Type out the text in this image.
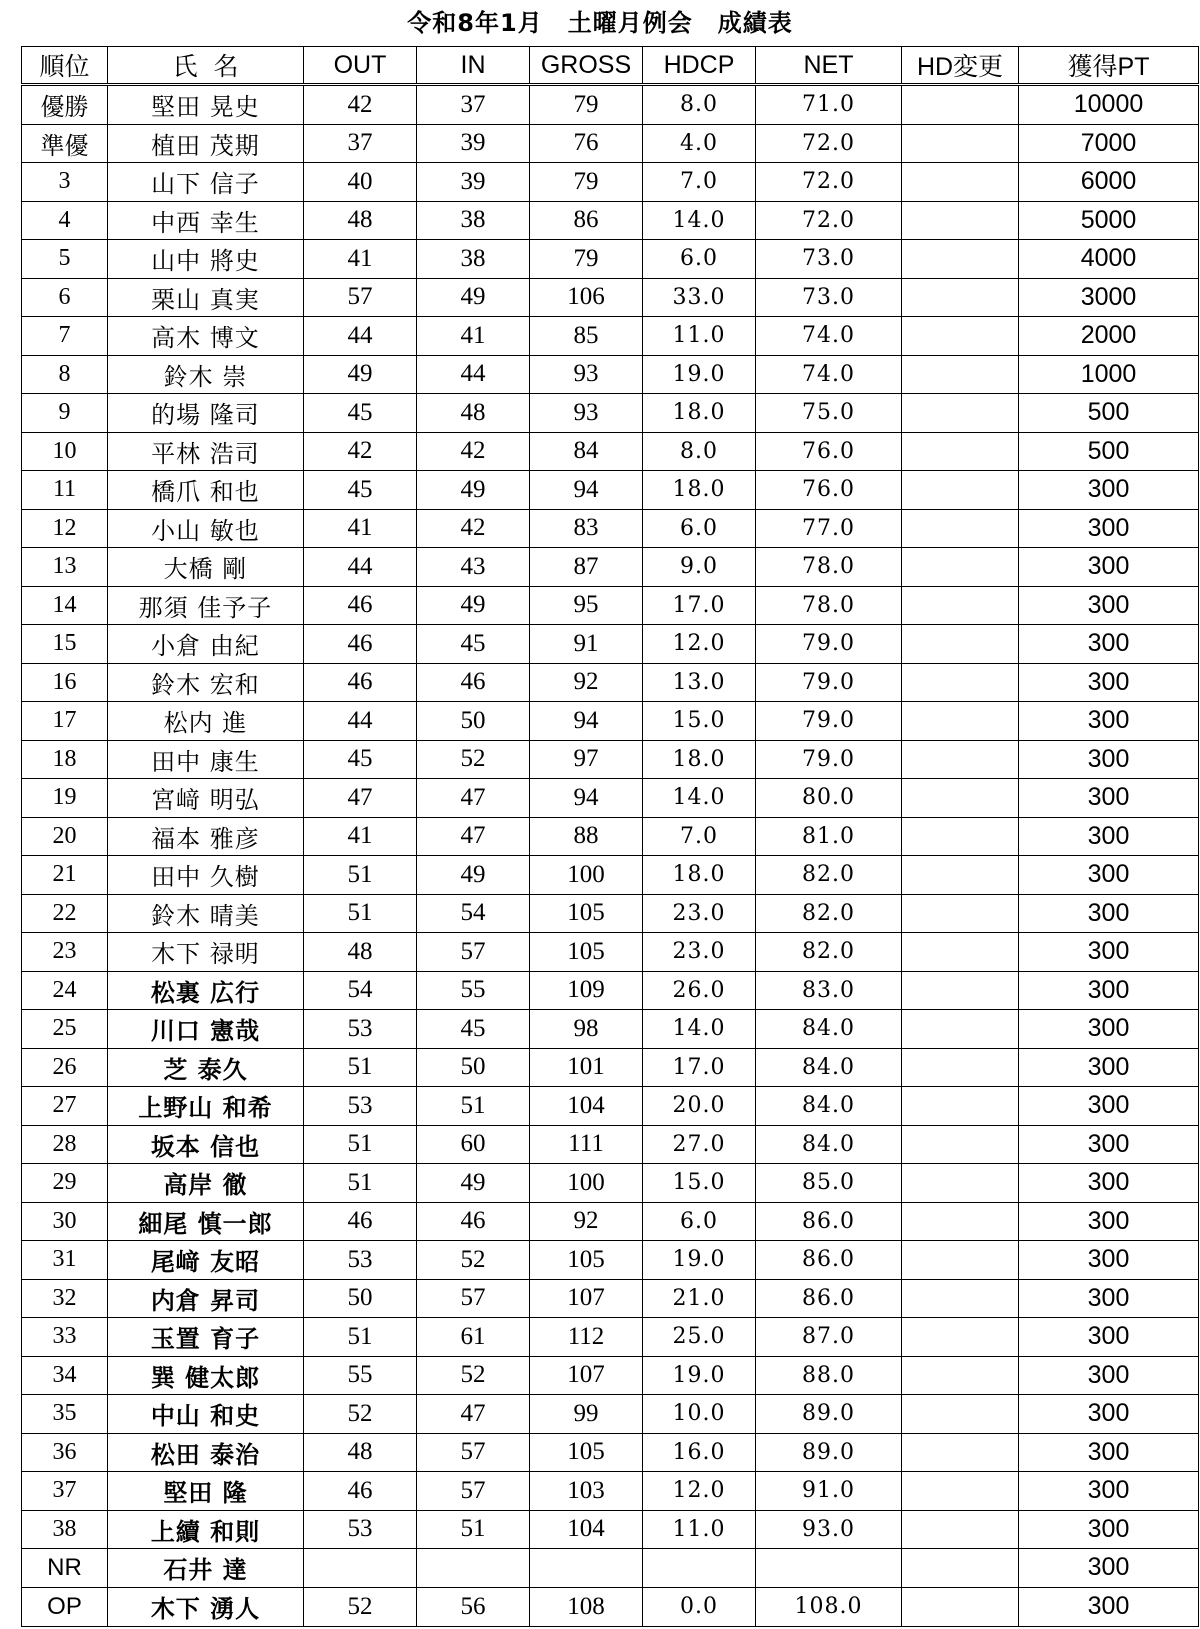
令和8年1月　土曜月例会　成績表
順位	氏名	OUT	IN	GROSS	HDCP	NET	HD変更	獲得PT
優勝	堅田 晃史	42	37	79	8.0	71.0		10000
準優	植田 茂期	37	39	76	4.0	72.0		7000
3	山下 信子	40	39	79	7.0	72.0		6000
4	中西 幸生	48	38	86	14.0	72.0		5000
5	山中 將史	41	38	79	6.0	73.0		4000
6	栗山 真実	57	49	106	33.0	73.0		3000
7	高木 博文	44	41	85	11.0	74.0		2000
8	鈴木 崇	49	44	93	19.0	74.0		1000
9	的場 隆司	45	48	93	18.0	75.0		500
10	平林 浩司	42	42	84	8.0	76.0		500
11	橋爪 和也	45	49	94	18.0	76.0		300
12	小山 敏也	41	42	83	6.0	77.0		300
13	大橋 剛	44	43	87	9.0	78.0		300
14	那須 佳予子	46	49	95	17.0	78.0		300
15	小倉 由紀	46	45	91	12.0	79.0		300
16	鈴木 宏和	46	46	92	13.0	79.0		300
17	松内 進	44	50	94	15.0	79.0		300
18	田中 康生	45	52	97	18.0	79.0		300
19	宮﨑 明弘	47	47	94	14.0	80.0		300
20	福本 雅彦	41	47	88	7.0	81.0		300
21	田中 久樹	51	49	100	18.0	82.0		300
22	鈴木 晴美	51	54	105	23.0	82.0		300
23	木下 禄明	48	57	105	23.0	82.0		300
24	松裏 広行	54	55	109	26.0	83.0		300
25	川口 憲哉	53	45	98	14.0	84.0		300
26	芝 泰久	51	50	101	17.0	84.0		300
27	上野山 和希	53	51	104	20.0	84.0		300
28	坂本 信也	51	60	111	27.0	84.0		300
29	高岸 徹	51	49	100	15.0	85.0		300
30	細尾 慎一郎	46	46	92	6.0	86.0		300
31	尾﨑 友昭	53	52	105	19.0	86.0		300
32	内倉 昇司	50	57	107	21.0	86.0		300
33	玉置 育子	51	61	112	25.0	87.0		300
34	巽 健太郎	55	52	107	19.0	88.0		300
35	中山 和史	52	47	99	10.0	89.0		300
36	松田 泰治	48	57	105	16.0	89.0		300
37	堅田 隆	46	57	103	12.0	91.0		300
38	上續 和則	53	51	104	11.0	93.0		300
NR	石井 達							300
OP	木下 湧人	52	56	108	0.0	108.0		300
